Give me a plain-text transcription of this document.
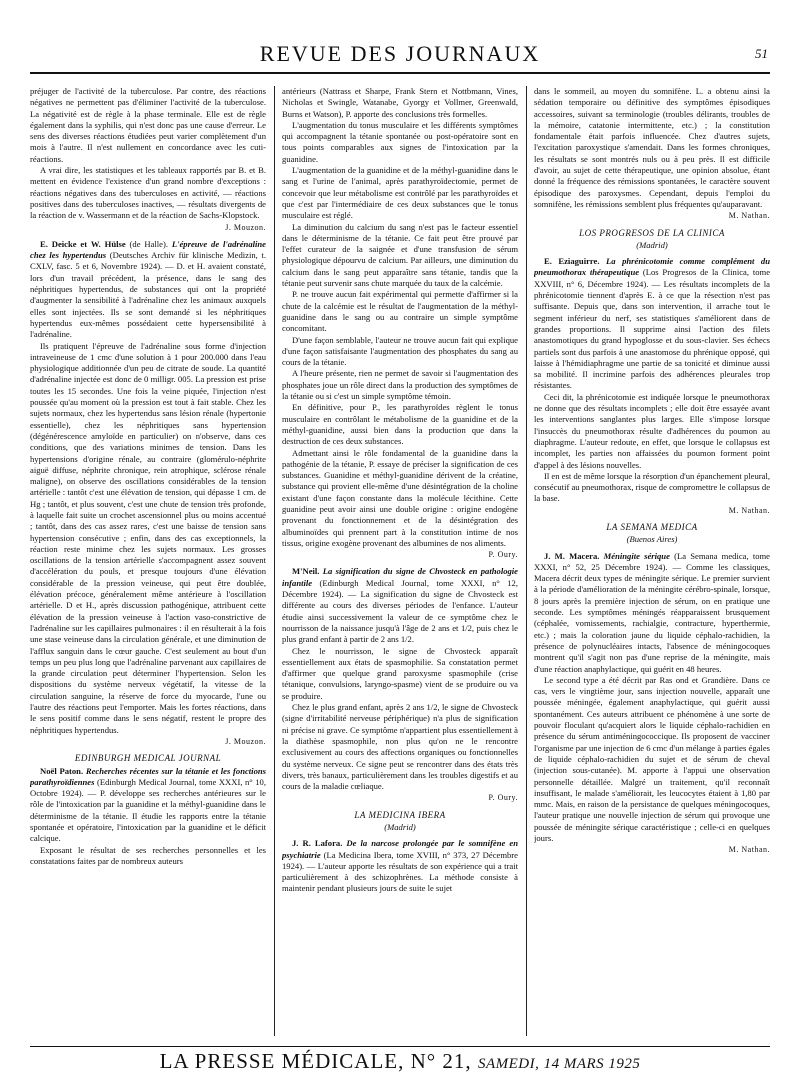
REVUE DES JOURNAUX	51

préjuger de l'activité de la tuberculose. Par contre, des réactions négatives ne permettent pas d'éliminer l'activité de la tuberculose. La négativité est de règle à la phase terminale. Elle est de règle également dans la syphilis, qui n'est donc pas une cause d'erreur. Le sens des diverses réactions étudiées peut varier complètement d'un mois à l'autre. Il n'est nullement en concordance avec les cuti-réactions.

A vrai dire, les statistiques et les tableaux rapportés par B. et B. mettent en évidence l'existence d'un grand nombre d'exceptions : réactions négatives dans des tuberculoses en activité, — réactions positives dans des tuberculoses inactives, — résultats divergents de la réaction de v. Wassermann et de la réaction de Sachs-Klopstock.

J. Mouzon.

E. Deicke et W. Hülse (de Halle). L'épreuve de l'adrénaline chez les hypertendus (Deutsches Archiv für klinische Medizin, t. CXLV, fasc. 5 et 6, Novembre 1924). — D. et H. avaient constaté, lors d'un travail précédent, la présence, dans le sang des néphritiques hypertendus, de substances qui ont la propriété d'augmenter la sensibilité à l'adrénaline chez les animaux auxquels elles sont injectées. Ils se sont demandé si les néphritiques hypertendus eux-mêmes possédaient cette hypersensibilité à l'adrénaline.

Ils pratiquent l'épreuve de l'adrénaline sous forme d'injection intraveineuse de 1 cmc d'une solution à 1 pour 200.000 dans l'eau physiologique additionnée d'un peu de citrate de soude. La quantité d'adrénaline injectée est donc de 0 milligr. 005. La pression est prise toutes les 15 secondes. Une fois la veine piquée, l'injection n'est poussée qu'au moment où la pression est tout à fait stable. Chez les sujets normaux, chez les hypertendus sans lésion rénale (hypertonie essentielle), chez les néphritiques sans hypertension (dégénérescence amyloïde en particulier) on n'observe, dans ces conditions, que des variations minimes de tension. Dans les hypertensions d'origine rénale, au contraire (glomérulo-néphrite aiguë diffuse, néphrite chronique, rein atrophique, sclérose rénale maligne), on observe des oscillations considérables de la tension artérielle : tantôt c'est une élévation de tension, qui dépasse 1 cm. de Hg ; tantôt, et plus souvent, c'est une chute de tension très profonde, à laquelle fait suite un crochet ascensionnel plus ou moins accentué ; tantôt, dans des cas assez rares, c'est une baisse de tension sans hypertension consécutive ; enfin, dans des cas exceptionnels, la réaction reste minime chez les sujets normaux. Les grosses oscillations de la tension artérielle s'accompagnent assez souvent d'accélération du pouls, et presque toujours d'une élévation considérable de la pression veineuse, qui peut être doublée, élévation précoce, généralement même antérieure à l'oscillation artérielle. D et H., après discussion pathogénique, attribuent cette élévation de la pression veineuse à l'action vaso-constrictive de l'adrénaline sur les capillaires pulmonaires : il en résulterait à la fois une stase veineuse dans la circulation générale, et une diminution de l'afflux sanguin dans le cœur gauche. C'est seulement au bout d'un temps un peu plus long que l'adrénaline parvenant aux capillaires de la grande circulation peut déterminer l'hypertension. Selon les dispositions du système nerveux végétatif, la vitesse de la circulation sanguine, la réserve de force du myocarde, l'une ou l'autre des réactions peut l'emporter. Mais les fortes réactions, dans le sens positif comme dans le sens négatif, restent le propre des néphritiques hypertendus.

J. Mouzon.
EDINBURGH MEDICAL JOURNAL

Noël Paton. Recherches récentes sur la tétanie et les fonctions parathyroïdiennes (Edinburgh Medical Journal, tome XXXI, n° 10, Octobre 1924). — P. développe ses recherches antérieures sur le rôle de l'intoxication par la guanidine et la méthyl-guanidine dans le déterminisme de la tétanie. Il étudie les rapports entre la tétanie spontanée et opératoire, l'intoxication par la guanidine et le déficit calcique.

Exposant le résultat de ses recherches personnelles et les constatations faites par de nombreux auteurs

antérieurs (Nattrass et Sharpe, Frank Stern et Nottbmann, Vines, Nicholas et Swingle, Watanabe, Gyorgy et Vollmer, Greenwald, Burns et Watson), P. apporte des conclusions très formelles.

L'augmentation du tonus musculaire et les différents symptômes qui accompagnent la tétanie spontanée ou post-opératoire sont en tous points comparables aux signes de l'intoxication par la guanidine.

L'augmentation de la guanidine et de la méthyl-guanidine dans le sang et l'urine de l'animal, après parathyroïdectomie, permet de concevoir que leur métabolisme est contrôlé par les parathyroïdes et que c'est par l'intermédiaire de ces deux substances que le tonus musculaire est réglé.

La diminution du calcium du sang n'est pas le facteur essentiel dans le déterminisme de la tétanie. Ce fait peut être prouvé par l'effet curateur de la saignée et d'une transfusion de sérum physiologique dépourvu de calcium. Par ailleurs, une diminution du calcium dans le sang peut apparaître sans tétanie, tandis que la tétanie peut survenir sans chute marquée du taux de la calcémie.

P. ne trouve aucun fait expérimental qui permette d'affirmer si la chute de la calcémie est le résultat de l'augmentation de la méthyl-guanidine dans le sang ou au contraire un simple symptôme concomitant.

D'une façon semblable, l'auteur ne trouve aucun fait qui explique d'une façon satisfaisante l'augmentation des phosphates du sang au cours de la tétanie.

A l'heure présente, rien ne permet de savoir si l'augmentation des phosphates joue un rôle direct dans la production des symptômes de la tétanie ou si c'est un simple symptôme témoin.

En définitive, pour P., les parathyroïdes règlent le tonus musculaire en contrôlant le métabolisme de la guanidine et de la méthyl-guanidine, aussi bien dans la production que dans la destruction de ces deux substances.

Admettant ainsi le rôle fondamental de la guanidine dans la pathogénie de la tétanie, P. essaye de préciser la signification de ces substances. Guanidine et méthyl-guanidine dérivent de la créatine, substance qui provient elle-même d'une désintégration de la choline existant d'une façon constante dans la molécule lécithine. Cette guanidine peut avoir ainsi une double origine : origine endogène provenant du fonctionnement et de la désintégration des albuminoïdes qui prennent part à la constitution intime de nos tissus, origine exogène provenant des albumines de nos aliments.

P. Oury.

M'Neil. La signification du signe de Chvosteck en pathologie infantile (Edinburgh Medical Journal, tome XXXI, n° 12, Décembre 1924). — La signification du signe de Chvosteck est différente au cours des diverses périodes de l'enfance. L'auteur étudie ainsi successivement la valeur de ce symptôme chez le nourrisson de la naissance jusqu'à l'âge de 2 ans et 1/2, puis chez le plus grand enfant à partir de 2 ans 1/2.

Chez le nourrisson, le signe de Chvosteck apparaît essentiellement aux états de spasmophilie. Sa constatation permet d'affirmer que quelque grand paroxysme spasmophile (crise tétanique, convulsions, laryngo-spasme) vient de se produire ou va se produire.

Chez le plus grand enfant, après 2 ans 1/2, le signe de Chvosteck (signe d'irritabilité nerveuse périphérique) n'a plus de signification ni précise ni grave. Ce symptôme n'appartient plus essentiellement à la diathèse spasmophile, non plus qu'on ne le rencontre exclusivement au cours des affections organiques ou fonctionnelles du système nerveux. Ce signe peut se rencontrer dans des états très divers, très banaux, particulièrement dans les troubles digestifs et au cours de la maladie cœliaque.

P. Oury.
LA MEDICINA IBERA
(Madrid)

J. R. Lafora. De la narcose prolongée par le somnifène en psychiatrie (La Medicina Ibera, tome XVIII, n° 373, 27 Décembre 1924). — L'auteur apporte les résultats de son expérience qui a trait particulièrement à des schizophrènes. La méthode consiste à maintenir pendant plusieurs jours de suite le sujet

dans le sommeil, au moyen du somnifène. L. a obtenu ainsi la sédation temporaire ou définitive des symptômes épisodiques accessoires, suivant sa terminologie (troubles délirants, troubles de la mémoire, catatonie intermittente, etc.) ; la constitution fondamentale était parfois influencée. Chez d'autres sujets, l'excitation paroxystique s'amendait. Dans les formes chroniques, les résultats se sont montrés nuls ou à peu près. Il est difficile d'avoir, au sujet de cette thérapeutique, une opinion absolue, étant donné la fréquence des rémissions spontanées, le caractère souvent épisodique des paroxysmes. Cependant, depuis l'emploi du somnifène, les rémissions semblent plus fréquentes qu'auparavant.

M. Nathan.
LOS PROGRESOS DE LA CLINICA
(Madrid)

E. Eziaguirre. La phrénicotomie comme complément du pneumothorax thérapeutique (Los Progresos de la Clinica, tome XXVIII, n° 6, Décembre 1924). — Les résultats incomplets de la phrénicotomie tiennent d'après E. à ce que la résection n'est pas suffisante. Depuis que, dans son intervention, il arrache tout le segment inférieur du nerf, ses statistiques s'améliorent dans de grandes proportions. Il supprime ainsi l'action des filets anastomotiques du grand hypoglosse et du sous-clavier. Ses échecs partiels sont dus parfois à une anastomose du phrénique opposé, qui laisse à l'hémidiaphragme une partie de sa tonicité et diminue aussi sa mobilité. Il incrimine parfois des adhérences pleurales trop résistantes.

Ceci dit, la phrénicotomie est indiquée lorsque le pneumothorax ne donne que des résultats incomplets ; elle doit être essayée avant les interventions sanglantes plus larges. Elle s'impose lorsque l'insuccès du pneumothorax résulte d'adhérences du poumon au diaphragme. L'auteur redoute, en effet, que lorsque le collapsus est incomplet, les parties non affaissées du poumon forment point d'appel à des lésions nouvelles.

Il en est de même lorsque la résorption d'un épanchement pleural, consécutif au pneumothorax, risque de compromettre le collapsus de la base.

M. Nathan.
LA SEMANA MEDICA
(Buenos Aires)

J. M. Macera. Méningite sérique (La Semana medica, tome XXXI, n° 52, 25 Décembre 1924). — Comme les classiques, Macera décrit deux types de méningite sérique. Le premier survient à la période d'amélioration de la méningite cérébro-spinale, lorsque, 8 jours après la première injection de sérum, on en pratique une seconde. Les symptômes méningés réapparaissent brusquement (céphalée, vomissements, rachialgie, contracture, hyperthermie, etc.) ; mais la coloration jaune du liquide céphalo-rachidien, la présence de polynucléaires intacts, l'absence de méningocoques montrent qu'il s'agit non pas d'une reprise de la méningite, mais d'une réaction anaphylactique, qui guérit en 48 heures.

Le second type a été décrit par Ras ond et Grandière. Dans ce cas, vers le vingtième jour, sans injection nouvelle, apparaît une poussée méningée, également anaphylactique, qui guérit aussi spontanément. Ces auteurs attribuent ce phénomène à une sorte de pouvoir floculant qu'acquiert alors le liquide céphalo-rachidien en présence du sérum antiméningococcique. Ils proposent de vacciner l'organisme par une injection de 6 cmc d'un mélange à parties égales de liquide céphalo-rachidien du sujet et de sérum de cheval (injection sous-cutanée). M. apporte à l'appui une observation personnelle détaillée. Malgré un traitement, qu'il reconnaît insuffisant, le malade s'améliorait, les leucocytes étaient à 1,80 par mmc. Mais, en raison de la persistance de quelques méningocoques, l'auteur pratique une nouvelle injection de sérum qui provoque une poussée de méningite sérique caractéristique ; celle-ci en quelques jours.

M. Nathan.
LA PRESSE MÉDICALE, N° 21, SAMEDI, 14 MARS 1925
